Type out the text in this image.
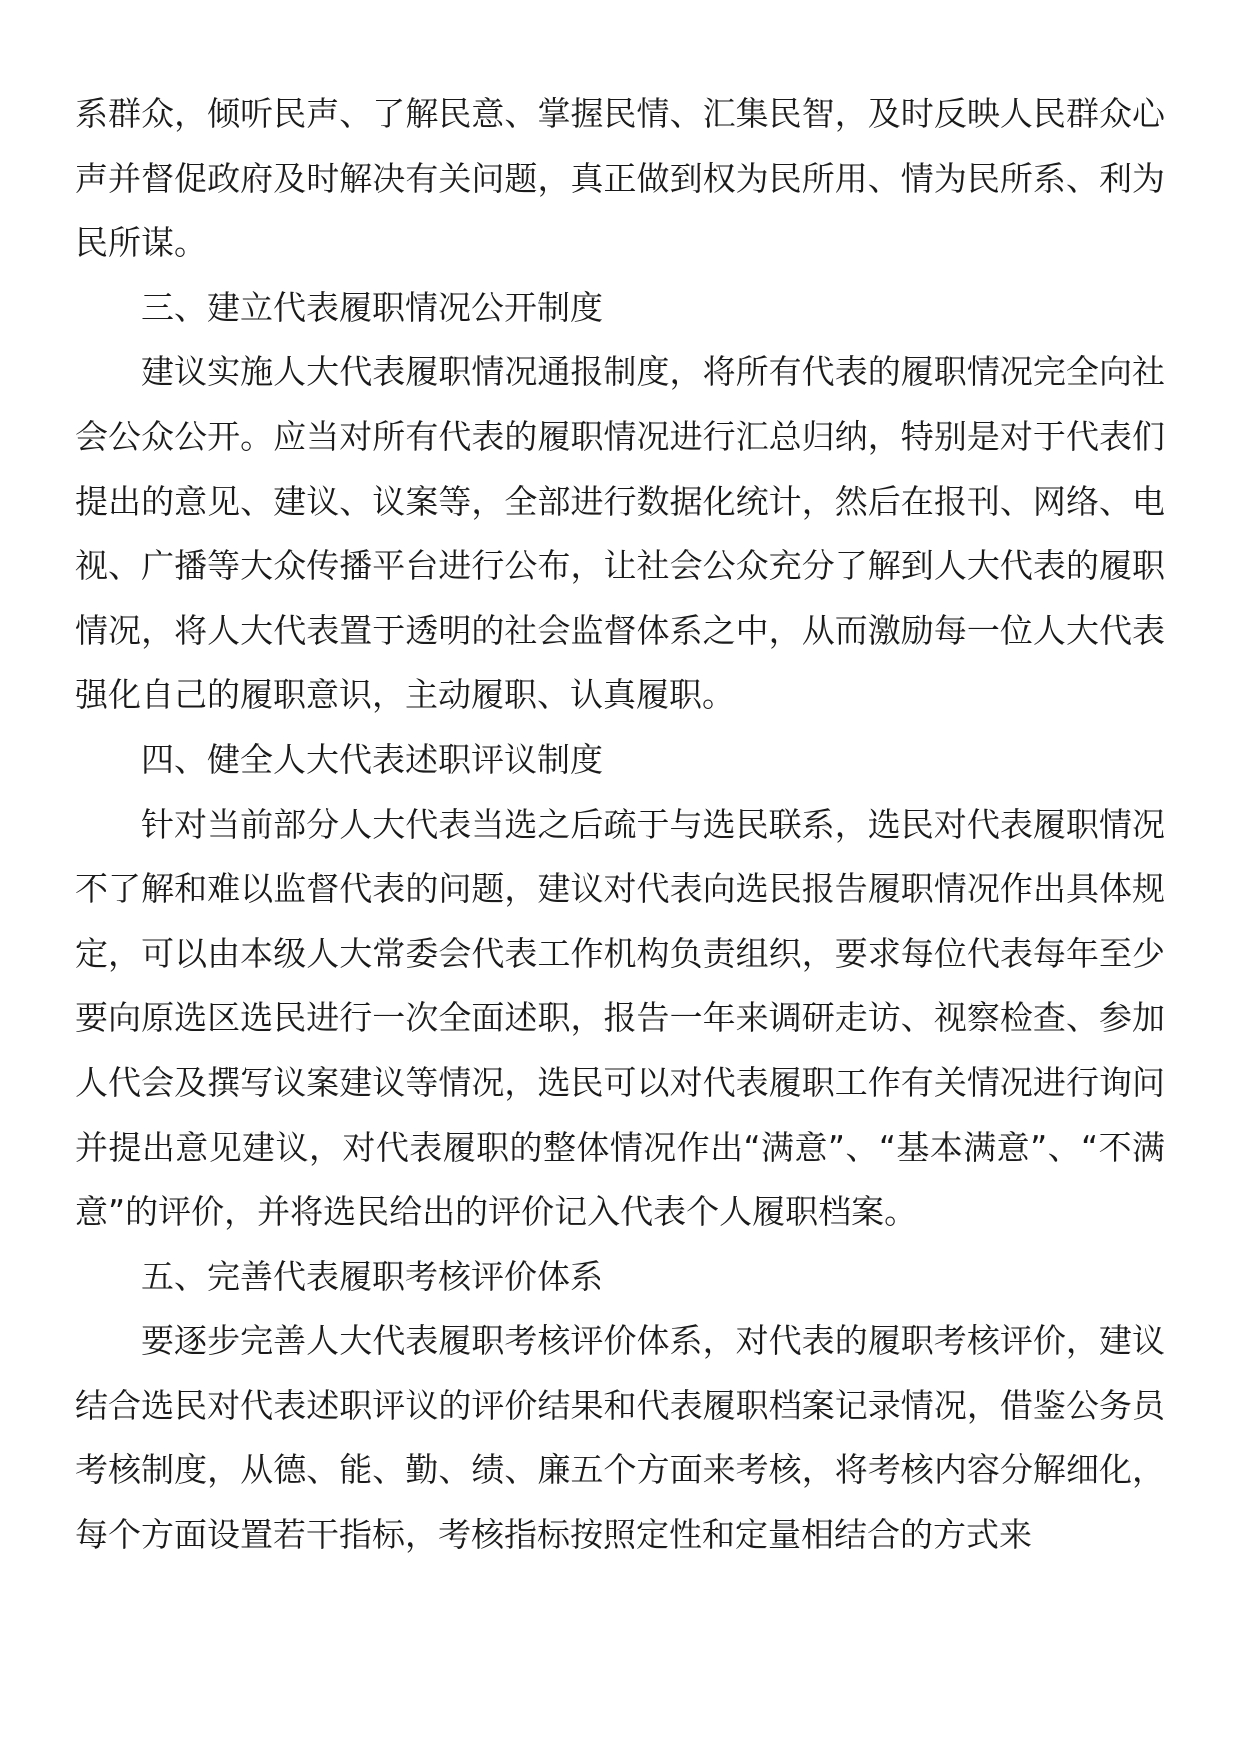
系群众，倾听民声、了解民意、掌握民情、汇集民智，及时反映人民群众心声并督促政府及时解决有关问题，真正做到权为民所用、情为民所系、利为民所谋。

三、建立代表履职情况公开制度

建议实施人大代表履职情况通报制度，将所有代表的履职情况完全向社会公众公开。应当对所有代表的履职情况进行汇总归纳，特别是对于代表们提出的意见、建议、议案等，全部进行数据化统计，然后在报刊、网络、电视、广播等大众传播平台进行公布，让社会公众充分了解到人大代表的履职情况，将人大代表置于透明的社会监督体系之中，从而激励每一位人大代表强化自己的履职意识，主动履职、认真履职。

四、健全人大代表述职评议制度

针对当前部分人大代表当选之后疏于与选民联系，选民对代表履职情况不了解和难以监督代表的问题，建议对代表向选民报告履职情况作出具体规定，可以由本级人大常委会代表工作机构负责组织，要求每位代表每年至少要向原选区选民进行一次全面述职，报告一年来调研走访、视察检查、参加人代会及撰写议案建议等情况，选民可以对代表履职工作有关情况进行询问并提出意见建议，对代表履职的整体情况作出“满意”、“基本满意”、“不满意”的评价，并将选民给出的评价记入代表个人履职档案。

五、完善代表履职考核评价体系

要逐步完善人大代表履职考核评价体系，对代表的履职考核评价，建议结合选民对代表述职评议的评价结果和代表履职档案记录情况，借鉴公务员考核制度，从德、能、勤、绩、廉五个方面来考核，将考核内容分解细化，每个方面设置若干指标，考核指标按照定性和定量相结合的方式来
